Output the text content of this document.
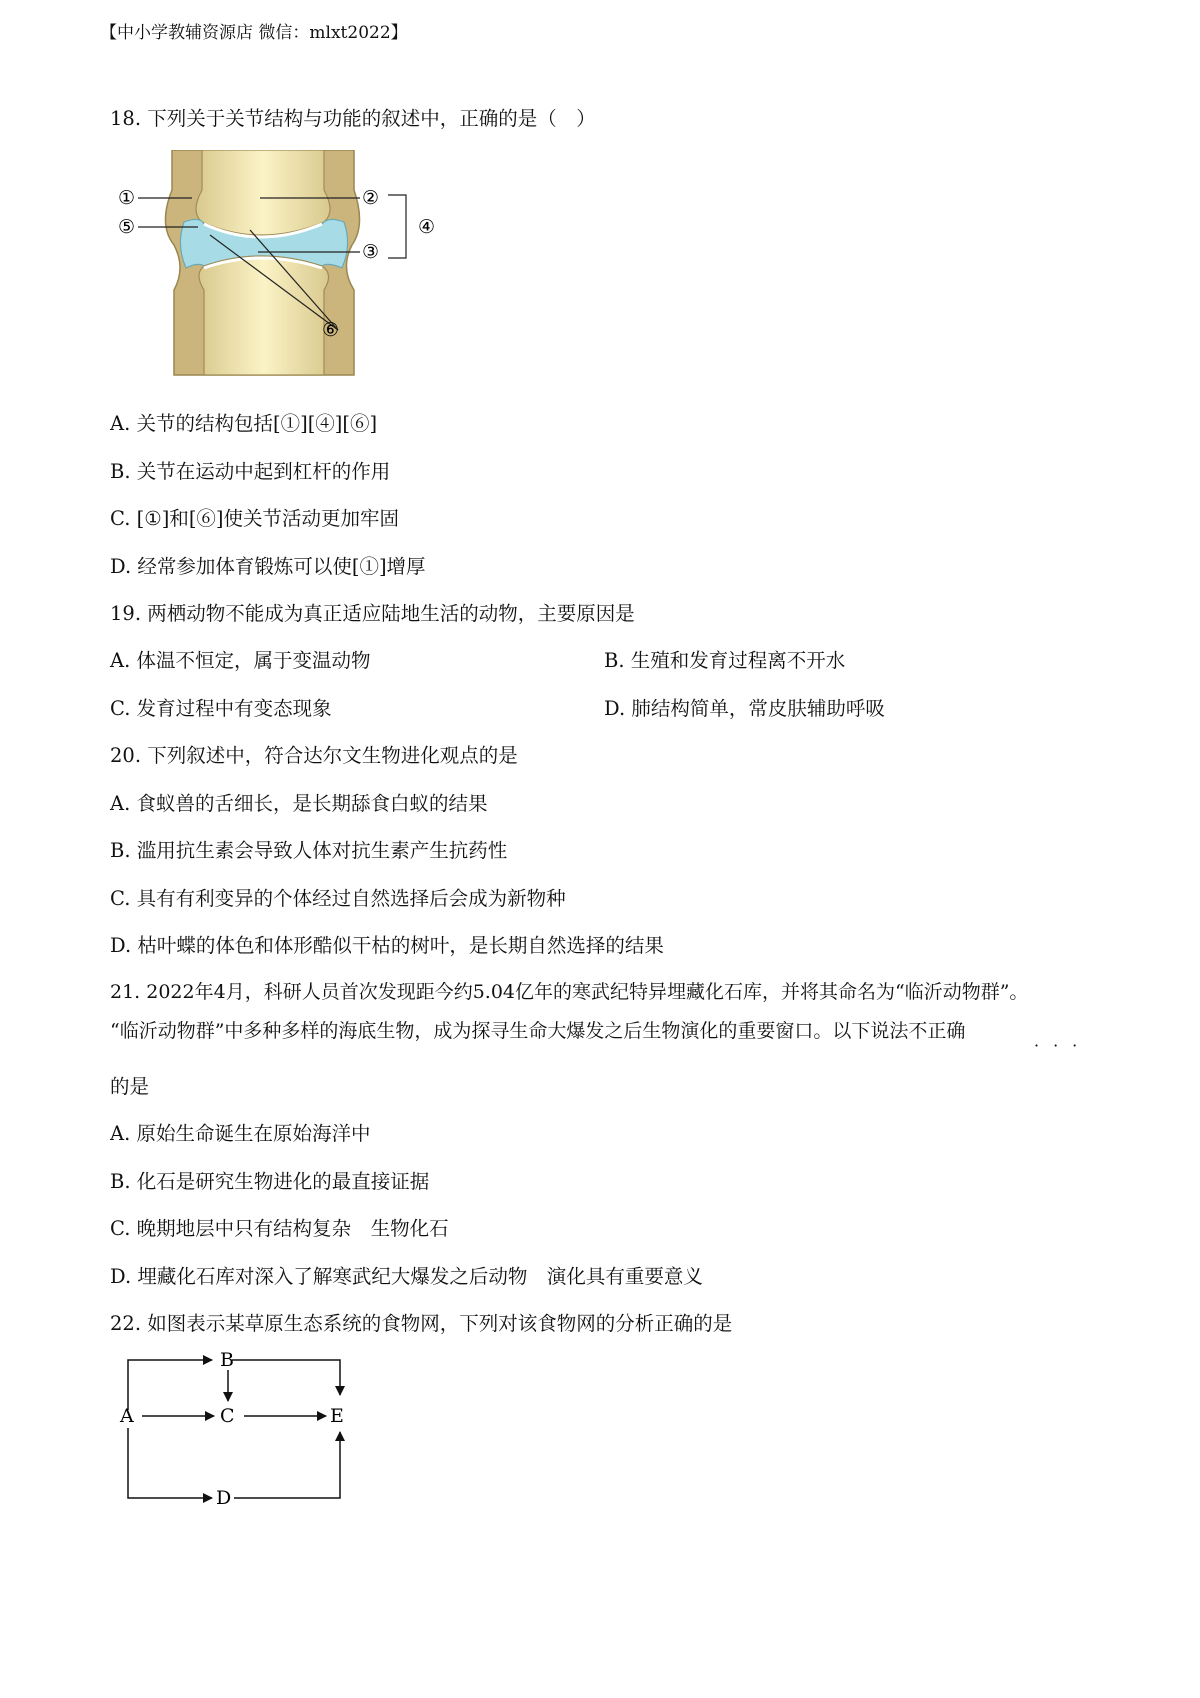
【中小学教辅资源店 微信：mlxt2022】
18. 下列关于关节结构与功能的叙述中，正确的是（　）
①
⑤
②
③
④
⑥
A. 关节的结构包括[①][④][⑥]
B. 关节在运动中起到杠杆的作用
C. [①]和[⑥]使关节活动更加牢固
D. 经常参加体育锻炼可以使[①]增厚
19. 两栖动物不能成为真正适应陆地生活的动物，主要原因是
A. 体温不恒定，属于变温动物	B. 生殖和发育过程离不开水
C. 发育过程中有变态现象	D. 肺结构简单，常皮肤辅助呼吸
20. 下列叙述中，符合达尔文生物进化观点的是
A. 食蚁兽的舌细长，是长期舔食白蚁的结果
B. 滥用抗生素会导致人体对抗生素产生抗药性
C. 具有有利变异的个体经过自然选择后会成为新物种
D. 枯叶蝶的体色和体形酷似干枯的树叶，是长期自然选择的结果
21. 2022年4月，科研人员首次发现距今约5.04亿年的寒武纪特异埋藏化石库，并将其命名为“临沂动物群”。
“临沂动物群”中多种多样的海底生物，成为探寻生命大爆发之后生物演化的重要窗口。以下说法不正确
···
的是
A. 原始生命诞生在原始海洋中
B. 化石是研究生物进化的最直接证据
C. 晚期地层中只有结构复杂　生物化石
D. 埋藏化石库对深入了解寒武纪大爆发之后动物　演化具有重要意义
22. 如图表示某草原生态系统的食物网，下列对该食物网的分析正确的是
B
A	C	E
D
